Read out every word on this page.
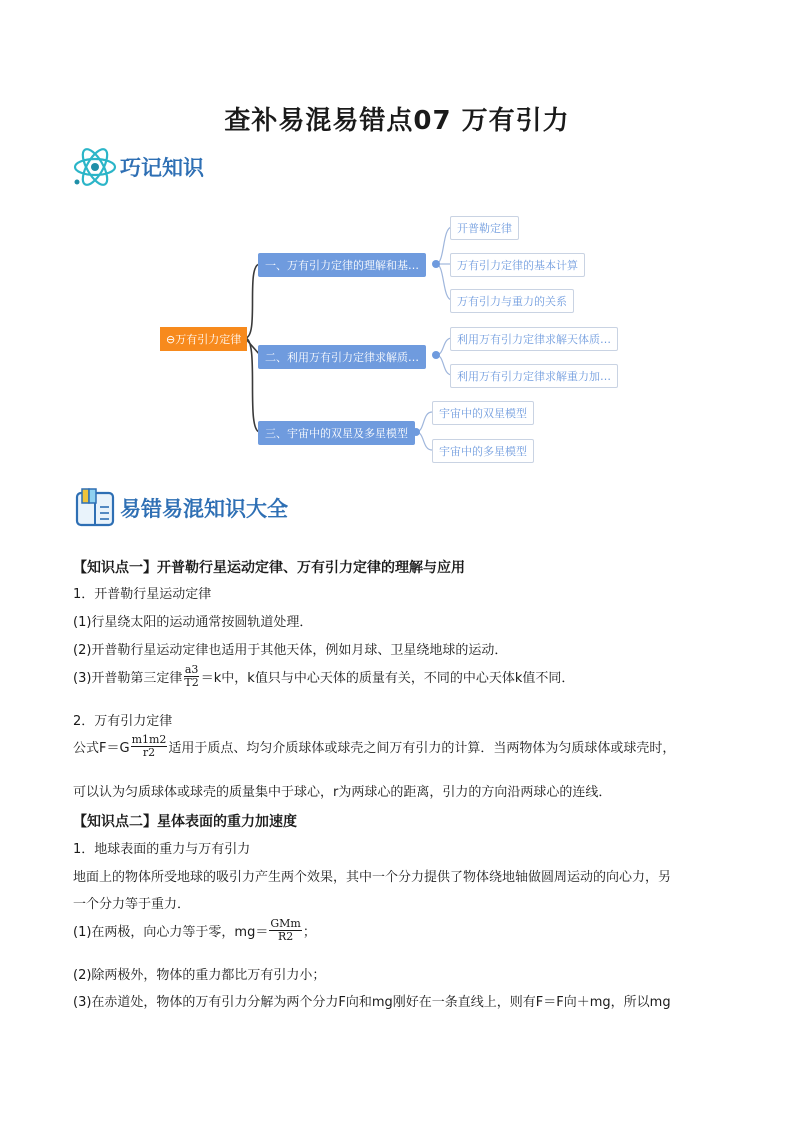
查补易混易错点07 万有引力
巧记知识
⊖万有引力定律
一、万有引力定律的理解和基…
二、利用万有引力定律求解质…
三、宇宙中的双星及多星模型
开普勒定律
万有引力定律的基本计算
万有引力与重力的关系
利用万有引力定律求解天体质…
利用万有引力定律求解重力加…
宇宙中的双星模型
宇宙中的多星模型
易错易混知识大全
【知识点一】开普勒行星运动定律、万有引力定律的理解与应用
1．开普勒行星运动定律
(1)行星绕太阳的运动通常按圆轨道处理．
(2)开普勒行星运动定律也适用于其他天体，例如月球、卫星绕地球的运动．
(3)开普勒第三定律 $\frac{a3}{T2} =k$中，k值只与中心天体的质量有关，不同的中心天体k值不同．
2．万有引力定律
公式$F=G \frac{m1m2}{r2}$ 适用于质点、均匀介质球体或球壳之间万有引力的计算．当两物体为匀质球体或球壳时，
可以认为匀质球体或球壳的质量集中于球心，r为两球心的距离，引力的方向沿两球心的连线．
【知识点二】星体表面的重力加速度
1．地球表面的重力与万有引力
地面上的物体所受地球的吸引力产生两个效果，其中一个分力提供了物体绕地轴做圆周运动的向心力，另
一个分力等于重力．
(1)在两极，向心力等于零，$mg= \frac{\text{GMm}}{R2}$ ；
(2)除两极外，物体的重力都比万有引力小；
(3)在赤道处，物体的万有引力分解为两个分力F向和mg刚好在一条直线上，则有F＝F向＋mg，所以mg
